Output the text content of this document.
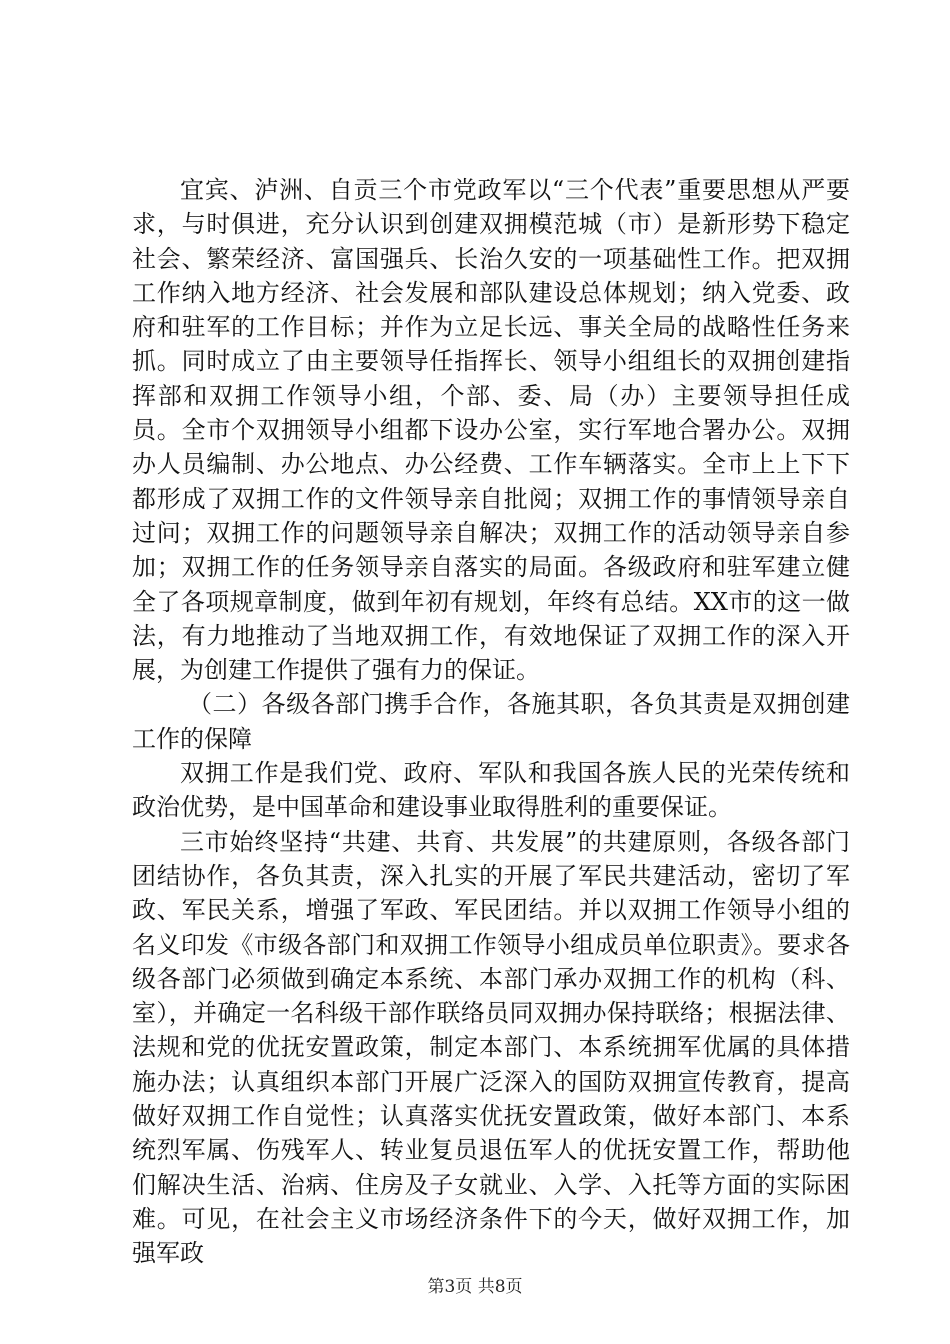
宜宾、泸洲、自贡三个市党政军以“三个代表”重要思想从严要求，与时俱进，充分认识到创建双拥模范城（市）是新形势下稳定社会、繁荣经济、富国强兵、长治久安的一项基础性工作。把双拥工作纳入地方经济、社会发展和部队建设总体规划；纳入党委、政府和驻军的工作目标；并作为立足长远、事关全局的战略性任务来抓。同时成立了由主要领导任指挥长、领导小组组长的双拥创建指挥部和双拥工作领导小组，个部、委、局（办）主要领导担任成员。全市个双拥领导小组都下设办公室，实行军地合署办公。双拥办人员编制、办公地点、办公经费、工作车辆落实。全市上上下下都形成了双拥工作的文件领导亲自批阅；双拥工作的事情领导亲自过问；双拥工作的问题领导亲自解决；双拥工作的活动领导亲自参加；双拥工作的任务领导亲自落实的局面。各级政府和驻军建立健全了各项规章制度，做到年初有规划，年终有总结。XX市的这一做法，有力地推动了当地双拥工作，有效地保证了双拥工作的深入开展，为创建工作提供了强有力的保证。

（二）各级各部门携手合作，各施其职，各负其责是双拥创建工作的保障

双拥工作是我们党、政府、军队和我国各族人民的光荣传统和政治优势，是中国革命和建设事业取得胜利的重要保证。

三市始终坚持“共建、共育、共发展”的共建原则，各级各部门团结协作，各负其责，深入扎实的开展了军民共建活动，密切了军政、军民关系，增强了军政、军民团结。并以双拥工作领导小组的名义印发《市级各部门和双拥工作领导小组成员单位职责》。要求各级各部门必须做到确定本系统、本部门承办双拥工作的机构（科、室），并确定一名科级干部作联络员同双拥办保持联络；根据法律、法规和党的优抚安置政策，制定本部门、本系统拥军优属的具体措施办法；认真组织本部门开展广泛深入的国防双拥宣传教育，提高做好双拥工作自觉性；认真落实优抚安置政策，做好本部门、本系统烈军属、伤残军人、转业复员退伍军人的优抚安置工作，帮助他们解决生活、治病、住房及子女就业、入学、入托等方面的实际困难。可见，在社会主义市场经济条件下的今天，做好双拥工作，加强军政

第3页 共8页
